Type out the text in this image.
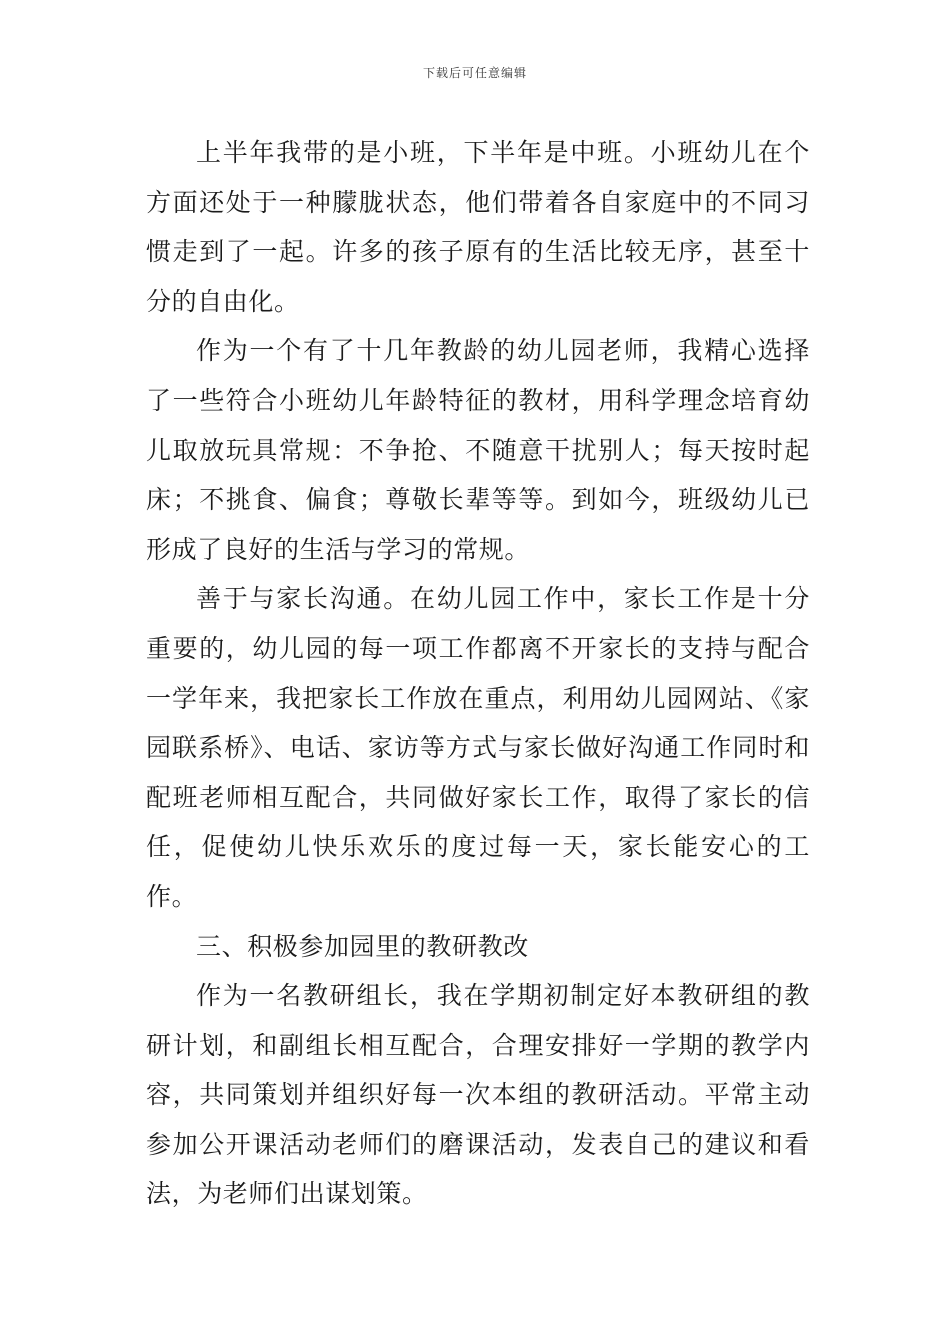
下载后可任意编辑

上半年我带的是小班，下半年是中班。小班幼儿在个方面还处于一种朦胧状态，他们带着各自家庭中的不同习惯走到了一起。许多的孩子原有的生活比较无序，甚至十分的自由化。

作为一个有了十几年教龄的幼儿园老师，我精心选择了一些符合小班幼儿年龄特征的教材，用科学理念培育幼儿取放玩具常规：不争抢、不随意干扰别人；每天按时起床；不挑食、偏食；尊敬长辈等等。到如今，班级幼儿已形成了良好的生活与学习的常规。

善于与家长沟通。在幼儿园工作中，家长工作是十分重要的，幼儿园的每一项工作都离不开家长的支持与配合一学年来，我把家长工作放在重点，利用幼儿园网站、《家园联系桥》、电话、家访等方式与家长做好沟通工作同时和配班老师相互配合，共同做好家长工作，取得了家长的信任，促使幼儿快乐欢乐的度过每一天，家长能安心的工作。

三、积极参加园里的教研教改

作为一名教研组长，我在学期初制定好本教研组的教研计划，和副组长相互配合，合理安排好一学期的教学内容，共同策划并组织好每一次本组的教研活动。平常主动参加公开课活动老师们的磨课活动，发表自己的建议和看法，为老师们出谋划策。
